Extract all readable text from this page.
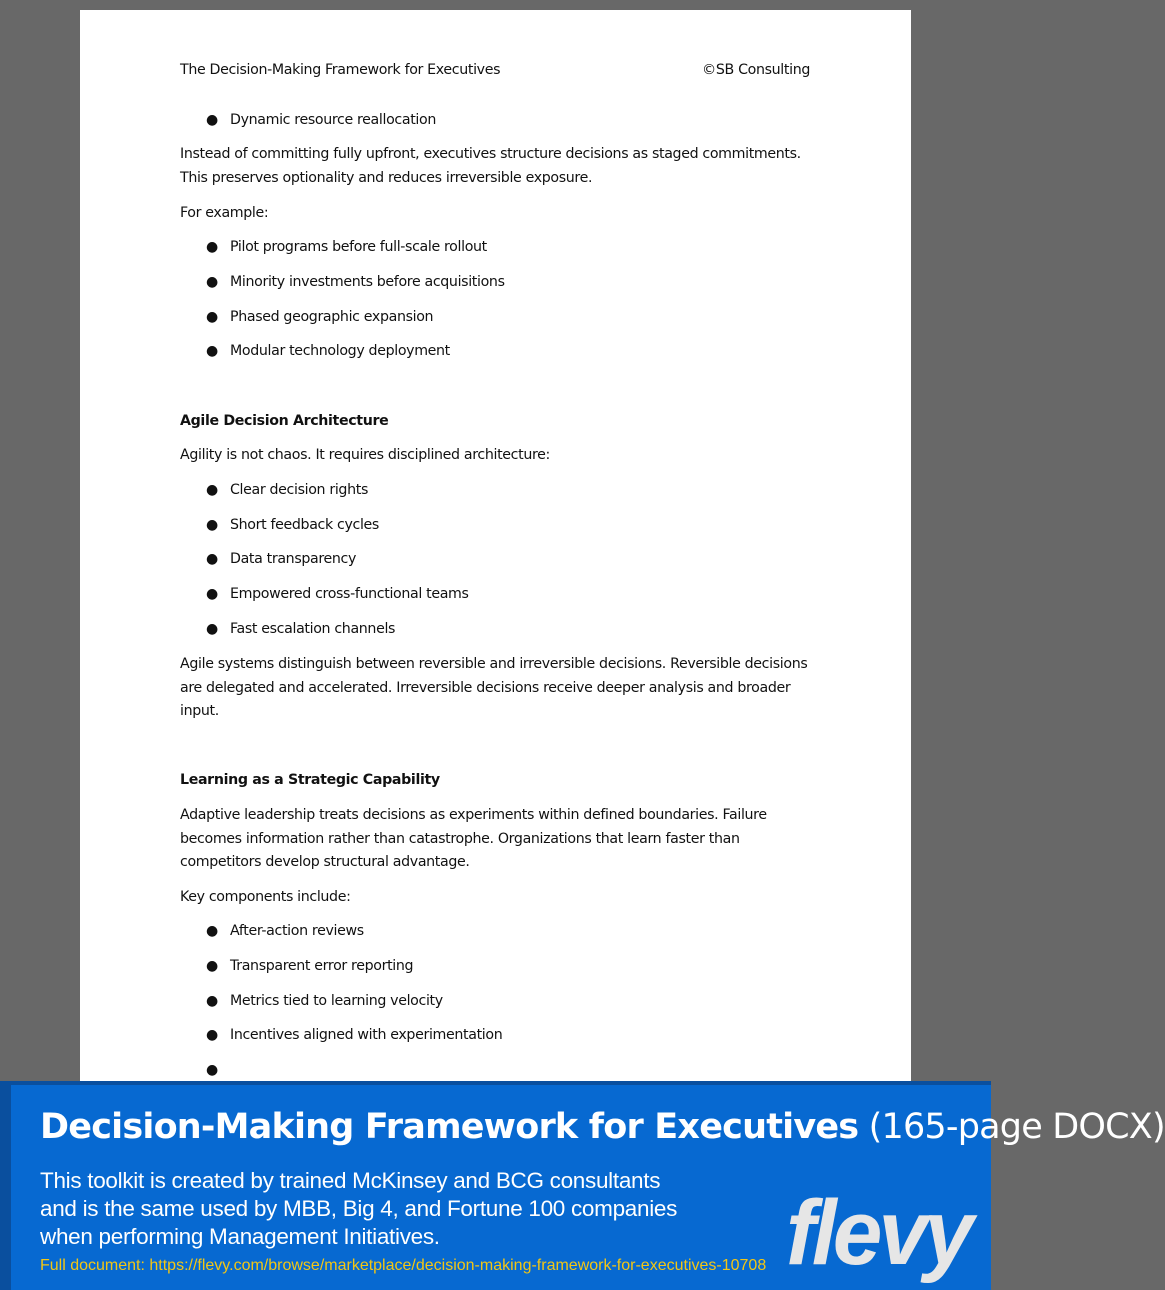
The Decision-Making Framework for Executives	©SB Consulting
● Dynamic resource reallocation
Instead of committing fully upfront, executives structure decisions as staged commitments. This preserves optionality and reduces irreversible exposure.
For example:
● Pilot programs before full-scale rollout
● Minority investments before acquisitions
● Phased geographic expansion
● Modular technology deployment
Agile Decision Architecture
Agility is not chaos. It requires disciplined architecture:
● Clear decision rights
● Short feedback cycles
● Data transparency
● Empowered cross-functional teams
● Fast escalation channels
Agile systems distinguish between reversible and irreversible decisions. Reversible decisions are delegated and accelerated. Irreversible decisions receive deeper analysis and broader input.
Learning as a Strategic Capability
Adaptive leadership treats decisions as experiments within defined boundaries. Failure becomes information rather than catastrophe. Organizations that learn faster than competitors develop structural advantage.
Key components include:
● After-action reviews
● Transparent error reporting
● Metrics tied to learning velocity
● Incentives aligned with experimentation
●
Decision-Making Framework for Executives (165-page DOCX)
This toolkit is created by trained McKinsey and BCG consultants and is the same used by MBB, Big 4, and Fortune 100 companies when performing Management Initiatives.
Full document: https://flevy.com/browse/marketplace/decision-making-framework-for-executives-10708 flevy
